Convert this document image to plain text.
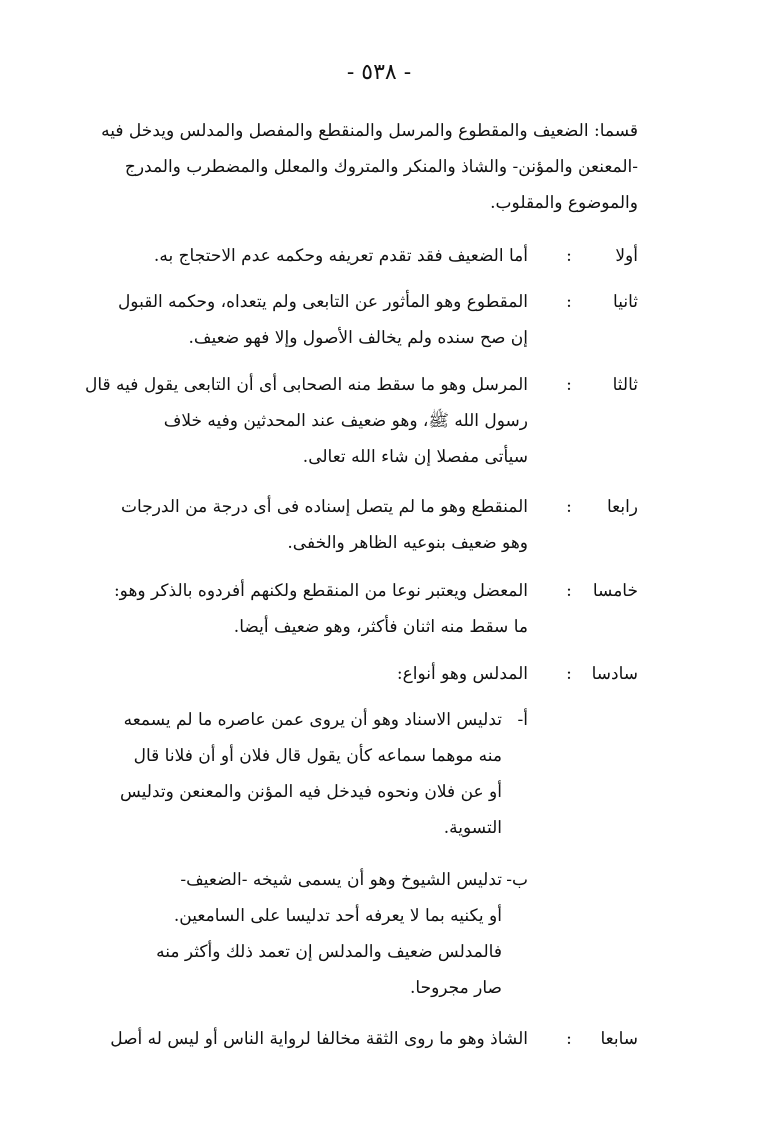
- ٥٣٨ -
قسما: الضعيف والمقطوع والمرسل والمنقطع والمفصل والمدلس ويدخل فيه
-المعنعن والمؤنن- والشاذ والمنكر والمتروك والمعلل والمضطرب والمدرج
والموضوع والمقلوب.
أولا
:
أما الضعيف فقد تقدم تعريفه وحكمه عدم الاحتجاج به.
ثانيا
:
المقطوع وهو المأثور عن التابعى ولم يتعداه، وحكمه القبول
إن صح سنده ولم يخالف الأصول وإلا فهو ضعيف.
ثالثا
:
المرسل وهو ما سقط منه الصحابى أى أن التابعى يقول فيه قال
رسول الله ﷺ، وهو ضعيف عند المحدثين وفيه خلاف
سيأتى مفصلا إن شاء الله تعالى.
رابعا
:
المنقطع وهو ما لم يتصل إسناده فى أى درجة من الدرجات
وهو ضعيف بنوعيه الظاهر والخفى.
خامسا
:
المعضل ويعتبر نوعا من المنقطع ولكنهم أفردوه بالذكر وهو:
ما سقط منه اثنان فأكثر، وهو ضعيف أيضا.
سادسا
:
المدلس وهو أنواع:
أ-
تدليس الاسناد وهو أن يروى عمن عاصره ما لم يسمعه
منه موهما سماعه كأن يقول قال فلان أو أن فلانا قال
أو عن فلان ونحوه فيدخل فيه المؤنن والمعنعن وتدليس
التسوية.
ب-
تدليس الشيوخ وهو أن يسمى شيخه -الضعيف-
أو يكنيه بما لا يعرفه أحد تدليسا على السامعين.
فالمدلس ضعيف والمدلس إن تعمد ذلك وأكثر منه
صار مجروحا.
سابعا
:
الشاذ وهو ما روى الثقة مخالفا لرواية الناس أو ليس له أصل
